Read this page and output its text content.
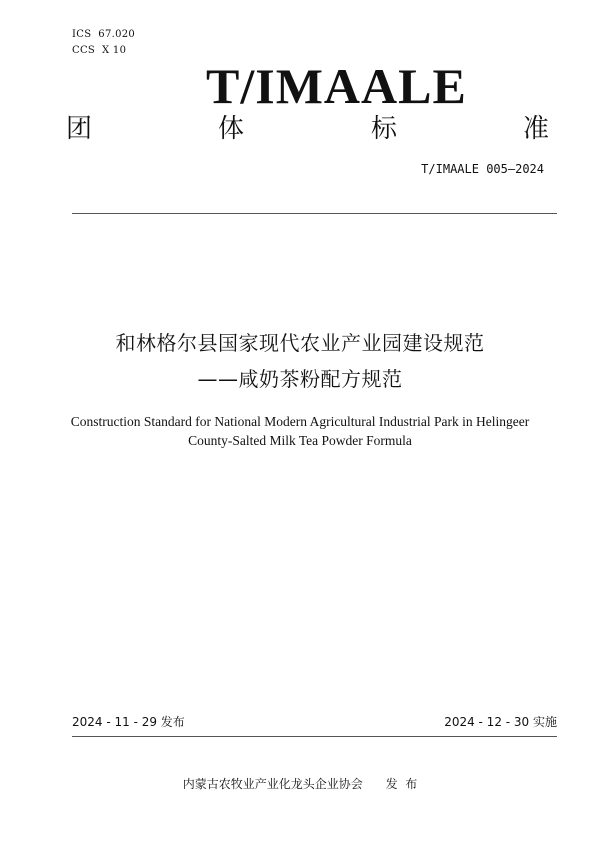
ICS  67.020
CCS  X 10
T/IMAALE
团	体	标	准
T/IMAALE 005—2024
和林格尔县国家现代农业产业园建设规范
——咸奶茶粉配方规范
Construction Standard for National Modern Agricultural Industrial Park in Helingeer
County-Salted Milk Tea Powder Formula
2024 - 11 - 29 发布	2024 - 12 - 30 实施
内蒙古农牧业产业化龙头企业协会      发  布
